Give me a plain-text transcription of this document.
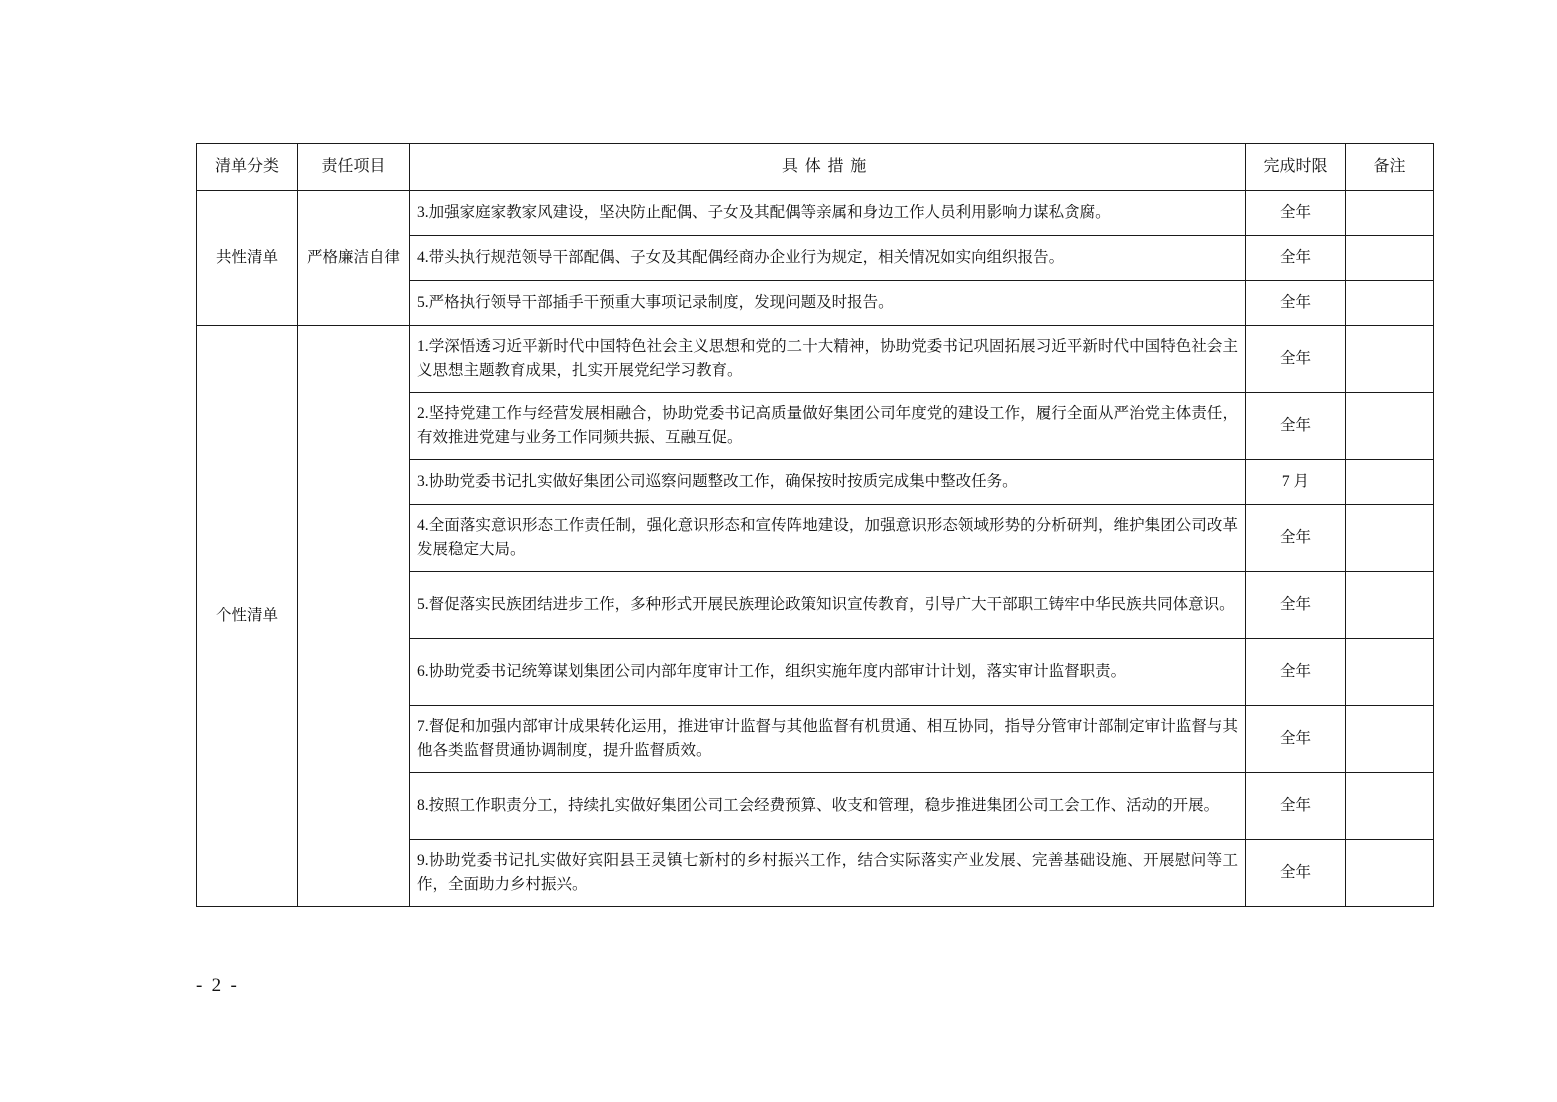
清单分类	责任项目	具体措施	完成时限	备注
共性清单	严格廉洁自律	3.加强家庭家教家风建设，坚决防止配偶、子女及其配偶等亲属和身边工作人员利用影响力谋私贪腐。	全年	
		4.带头执行规范领导干部配偶、子女及其配偶经商办企业行为规定，相关情况如实向组织报告。	全年	
		5.严格执行领导干部插手干预重大事项记录制度，发现问题及时报告。	全年	
个性清单		1.学深悟透习近平新时代中国特色社会主义思想和党的二十大精神，协助党委书记巩固拓展习近平新时代中国特色社会主义思想主题教育成果，扎实开展党纪学习教育。	全年	
		2.坚持党建工作与经营发展相融合，协助党委书记高质量做好集团公司年度党的建设工作，履行全面从严治党主体责任，有效推进党建与业务工作同频共振、互融互促。	全年	
		3.协助党委书记扎实做好集团公司巡察问题整改工作，确保按时按质完成集中整改任务。	7 月	
		4.全面落实意识形态工作责任制，强化意识形态和宣传阵地建设，加强意识形态领域形势的分析研判，维护集团公司改革发展稳定大局。	全年	
		5.督促落实民族团结进步工作，多种形式开展民族理论政策知识宣传教育，引导广大干部职工铸牢中华民族共同体意识。	全年	
		6.协助党委书记统筹谋划集团公司内部年度审计工作，组织实施年度内部审计计划，落实审计监督职责。	全年	
		7.督促和加强内部审计成果转化运用，推进审计监督与其他监督有机贯通、相互协同，指导分管审计部制定审计监督与其他各类监督贯通协调制度，提升监督质效。	全年	
		8.按照工作职责分工，持续扎实做好集团公司工会经费预算、收支和管理，稳步推进集团公司工会工作、活动的开展。	全年	
		9.协助党委书记扎实做好宾阳县王灵镇七新村的乡村振兴工作，结合实际落实产业发展、完善基础设施、开展慰问等工作，全面助力乡村振兴。	全年	
- 2 -
